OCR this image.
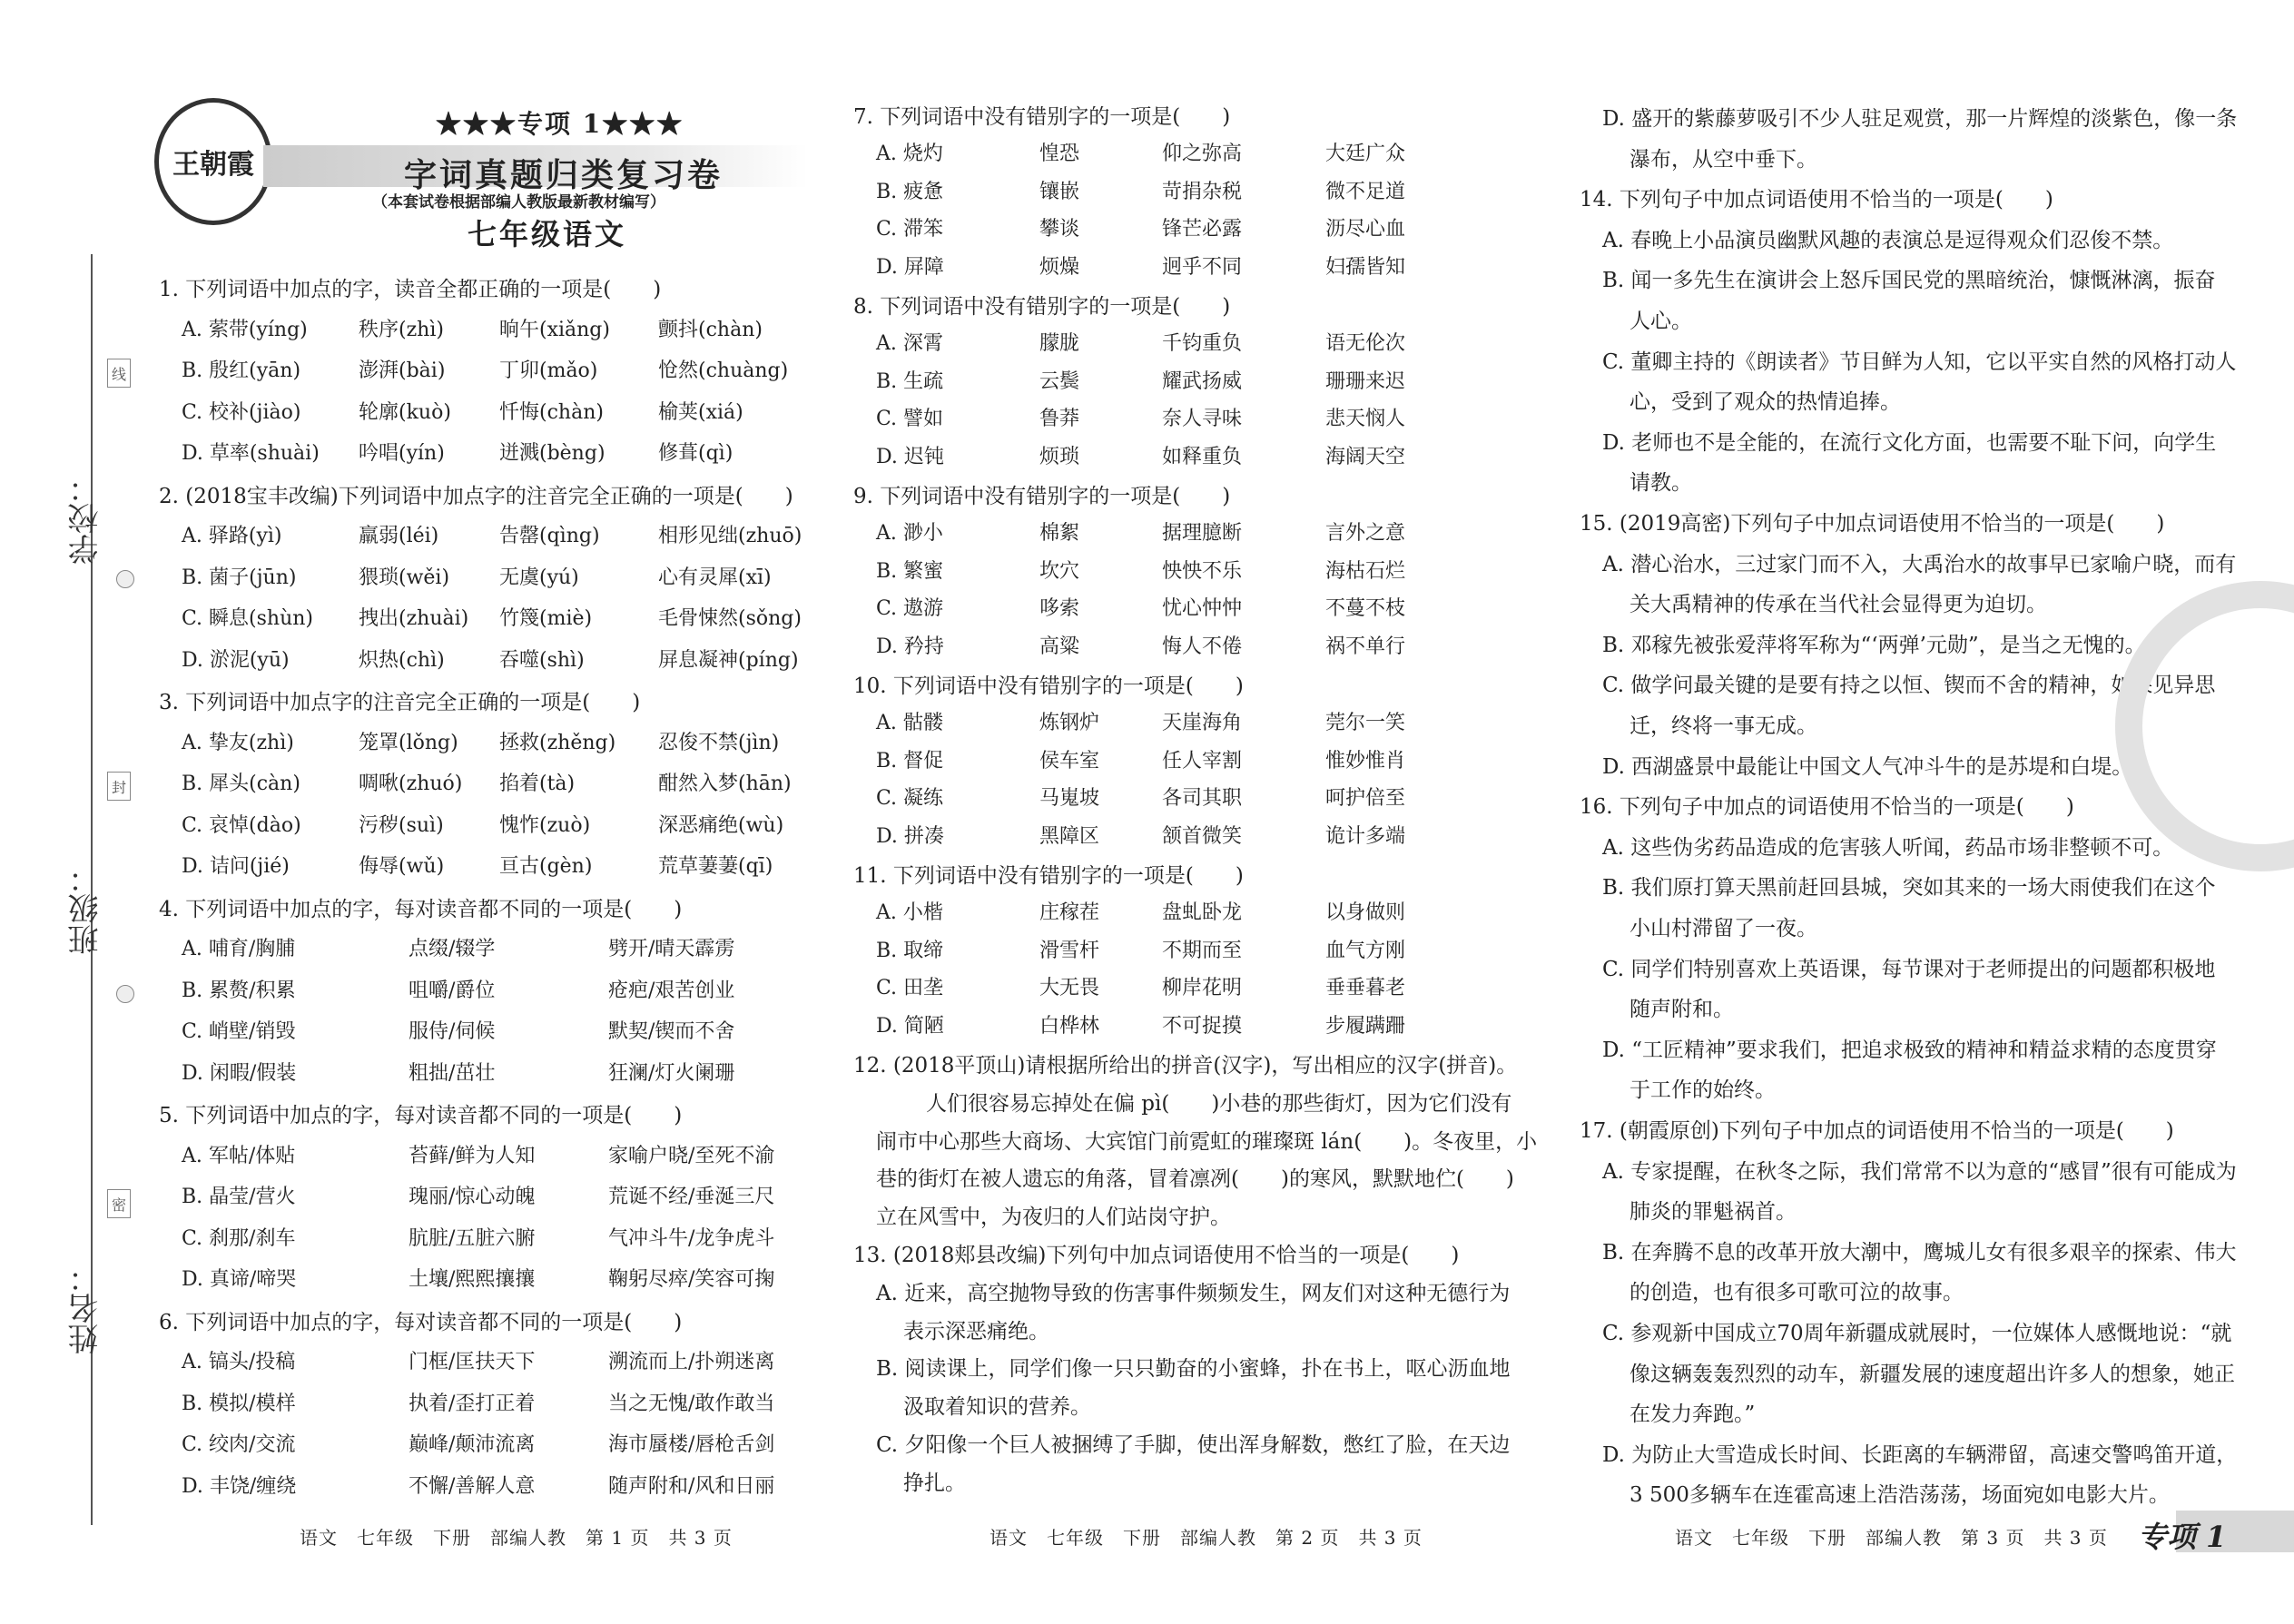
学校：
班级：
姓名：
线
封
密
王朝霞
★★★专项 1★★★
字词真题归类复习卷
（本套试卷根据部编人教版最新教材编写）
七年级语文
1. 下列词语中加点的字，读音全都正确的一项是(　　)
A. 萦带(yíng)	秩序(zhì)	晌午(xiǎng)	颤抖(chàn)
B. 殷红(yān)	澎湃(bài)	丁卯(mǎo)	怆然(chuàng)
C. 校补(jiào)	轮廓(kuò)	忏悔(chàn)	榆荚(xiá)
D. 草率(shuài)	吟唱(yín)	迸溅(bèng)	修葺(qì)
2. (2018宝丰改编)下列词语中加点字的注音完全正确的一项是(　　)
A. 驿路(yì)	羸弱(léi)	告罄(qìng)	相形见绌(zhuō)
B. 菌子(jūn)	猥琐(wěi)	无虞(yú)	心有灵犀(xī)
C. 瞬息(shùn)	拽出(zhuài)	竹篾(miè)	毛骨悚然(sǒng)
D. 淤泥(yū)	炽热(chì)	吞噬(shì)	屏息凝神(píng)
3. 下列词语中加点字的注音完全正确的一项是(　　)
A. 挚友(zhì)	笼罩(lǒng)	拯救(zhěng)	忍俊不禁(jìn)
B. 犀头(càn)	啁啾(zhuó)	掐着(tà)	酣然入梦(hān)
C. 哀悼(dào)	污秽(suì)	愧怍(zuò)	深恶痛绝(wù)
D. 诘问(jié)	侮辱(wǔ)	亘古(gèn)	荒草萋萋(qī)
4. 下列词语中加点的字，每对读音都不同的一项是(　　)
A. 哺育/胸脯	点缀/辍学	劈开/晴天霹雳
B. 累赘/积累	咀嚼/爵位	疮疤/艰苦创业
C. 峭壁/销毁	服侍/伺候	默契/锲而不舍
D. 闲暇/假装	粗拙/茁壮	狂澜/灯火阑珊
5. 下列词语中加点的字，每对读音都不同的一项是(　　)
A. 军帖/体贴	苔藓/鲜为人知	家喻户晓/至死不渝
B. 晶莹/营火	瑰丽/惊心动魄	荒诞不经/垂涎三尺
C. 刹那/刹车	肮脏/五脏六腑	气冲斗牛/龙争虎斗
D. 真谛/啼哭	土壤/熙熙攘攘	鞠躬尽瘁/笑容可掬
6. 下列词语中加点的字，每对读音都不同的一项是(　　)
A. 镐头/投稿	门框/匡扶天下	溯流而上/扑朔迷离
B. 模拟/模样	执着/歪打正着	当之无愧/敢作敢当
C. 绞肉/交流	巅峰/颠沛流离	海市蜃楼/唇枪舌剑
D. 丰饶/缠绕	不懈/善解人意	随声附和/风和日丽
7. 下列词语中没有错别字的一项是(　　)
A. 烧灼	惶恐	仰之弥高	大廷广众
B. 疲惫	镶嵌	苛捐杂税	微不足道
C. 滞笨	攀谈	锋芒必露	沥尽心血
D. 屏障	烦燥	迥乎不同	妇孺皆知
8. 下列词语中没有错别字的一项是(　　)
A. 深霄	朦胧	千钧重负	语无伦次
B. 生疏	云鬓	耀武扬威	珊珊来迟
C. 譬如	鲁莽	奈人寻味	悲天悯人
D. 迟钝	烦琐	如释重负	海阔天空
9. 下列词语中没有错别字的一项是(　　)
A. 渺小	棉絮	据理臆断	言外之意
B. 繁蜜	坎穴	怏怏不乐	海枯石烂
C. 遨游	哆索	忧心忡忡	不蔓不枝
D. 矜持	高粱	悔人不倦	祸不单行
10. 下列词语中没有错别字的一项是(　　)
A. 骷髅	炼钢炉	天崖海角	莞尔一笑
B. 督促	侯车室	任人宰割	惟妙惟肖
C. 凝练	马嵬坡	各司其职	呵护倍至
D. 拼凑	黑障区	颔首微笑	诡计多端
11. 下列词语中没有错别字的一项是(　　)
A. 小楷	庄稼茬	盘虬卧龙	以身做则
B. 取缔	滑雪杆	不期而至	血气方刚
C. 田垄	大无畏	柳岸花明	垂垂暮老
D. 简陋	白桦林	不可捉摸	步履蹒跚
12. (2018平顶山)请根据所给出的拼音(汉字)，写出相应的汉字(拼音)。
人们很容易忘掉处在偏 pì(　　)小巷的那些街灯，因为它们没有
闹市中心那些大商场、大宾馆门前霓虹的璀璨斑 lán(　　)。冬夜里，小
巷的街灯在被人遗忘的角落，冒着凛冽(　　)的寒风，默默地伫(　　)
立在风雪中，为夜归的人们站岗守护。
13. (2018郏县改编)下列句中加点词语使用不恰当的一项是(　　)
A. 近来，高空抛物导致的伤害事件频频发生，网友们对这种无德行为
表示深恶痛绝。
B. 阅读课上，同学们像一只只勤奋的小蜜蜂，扑在书上，呕心沥血地
汲取着知识的营养。
C. 夕阳像一个巨人被捆缚了手脚，使出浑身解数，憋红了脸，在天边
挣扎。
D. 盛开的紫藤萝吸引不少人驻足观赏，那一片辉煌的淡紫色，像一条
瀑布，从空中垂下。
14. 下列句子中加点词语使用不恰当的一项是(　　)
A. 春晚上小品演员幽默风趣的表演总是逗得观众们忍俊不禁。
B. 闻一多先生在演讲会上怒斥国民党的黑暗统治，慷慨淋漓，振奋
人心。
C. 董卿主持的《朗读者》节目鲜为人知，它以平实自然的风格打动人
心，受到了观众的热情追捧。
D. 老师也不是全能的，在流行文化方面，也需要不耻下问，向学生
请教。
15. (2019高密)下列句子中加点词语使用不恰当的一项是(　　)
A. 潜心治水，三过家门而不入，大禹治水的故事早已家喻户晓，而有
关大禹精神的传承在当代社会显得更为迫切。
B. 邓稼先被张爱萍将军称为“‘两弹’元勋”，是当之无愧的。
C. 做学问最关键的是要有持之以恒、锲而不舍的精神，如果见异思
迁，终将一事无成。
D. 西湖盛景中最能让中国文人气冲斗牛的是苏堤和白堤。
16. 下列句子中加点的词语使用不恰当的一项是(　　)
A. 这些伪劣药品造成的危害骇人听闻，药品市场非整顿不可。
B. 我们原打算天黑前赶回县城，突如其来的一场大雨使我们在这个
小山村滞留了一夜。
C. 同学们特别喜欢上英语课，每节课对于老师提出的问题都积极地
随声附和。
D. “工匠精神”要求我们，把追求极致的精神和精益求精的态度贯穿
于工作的始终。
17. (朝霞原创)下列句子中加点的词语使用不恰当的一项是(　　)
A. 专家提醒，在秋冬之际，我们常常不以为意的“感冒”很有可能成为
肺炎的罪魁祸首。
B. 在奔腾不息的改革开放大潮中，鹰城儿女有很多艰辛的探索、伟大
的创造，也有很多可歌可泣的故事。
C. 参观新中国成立70周年新疆成就展时，一位媒体人感慨地说：“就
像这辆轰轰烈烈的动车，新疆发展的速度超出许多人的想象，她正
在发力奔跑。”
D. 为防止大雪造成长时间、长距离的车辆滞留，高速交警鸣笛开道，
3 500多辆车在连霍高速上浩浩荡荡，场面宛如电影大片。
语文　七年级　下册　部编人教　第 1 页　共 3 页	语文　七年级　下册　部编人教　第 2 页　共 3 页	语文　七年级　下册　部编人教　第 3 页　共 3 页 专项 1
